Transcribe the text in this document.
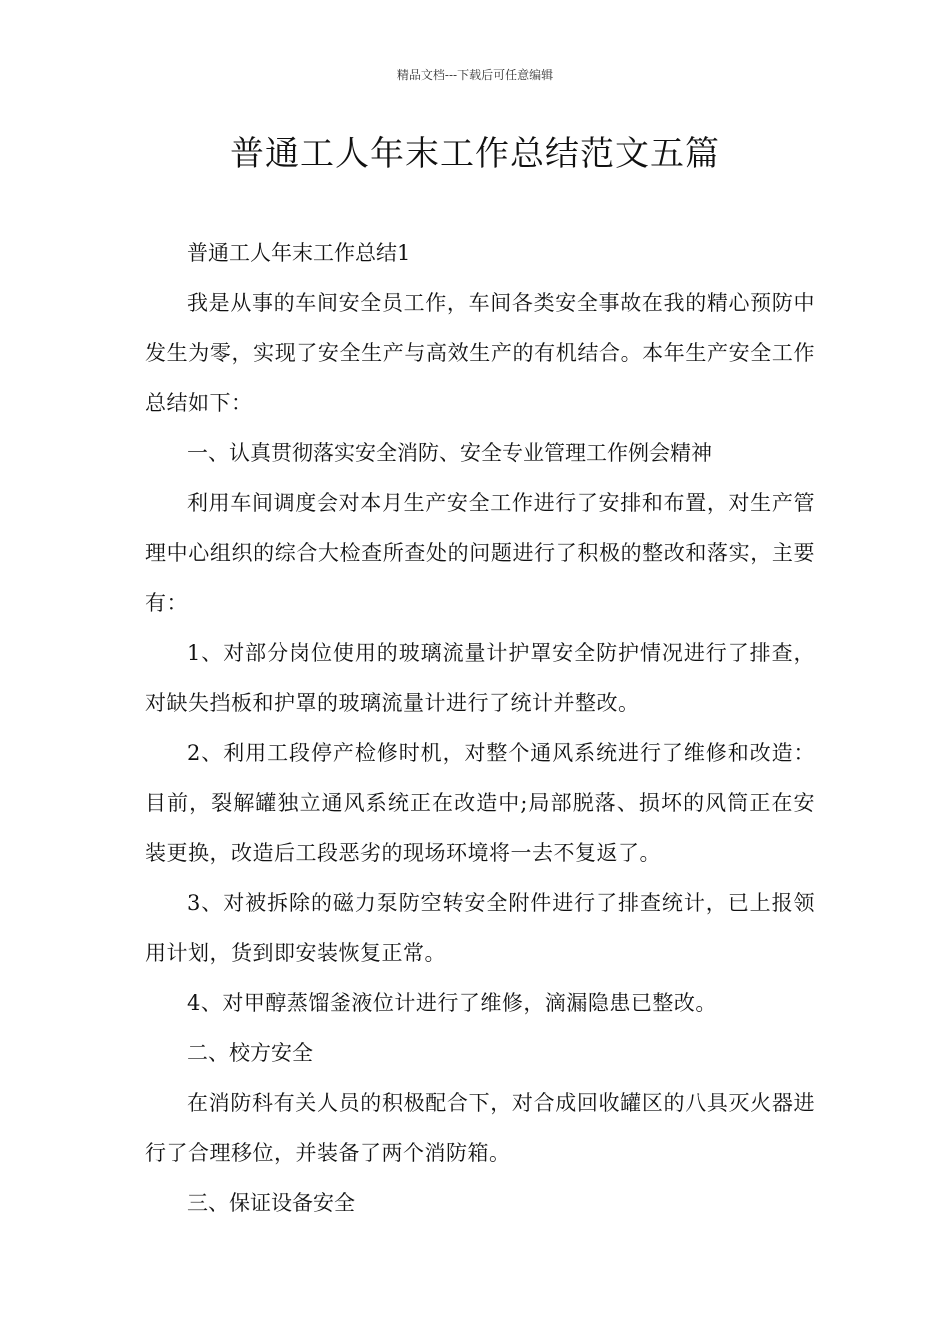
精品文档---下载后可任意编辑
普通工人年末工作总结范文五篇

普通工人年末工作总结1

我是从事的车间安全员工作，车间各类安全事故在我的精心预防中发生为零，实现了安全生产与高效生产的有机结合。本年生产安全工作总结如下：

一、认真贯彻落实安全消防、安全专业管理工作例会精神

利用车间调度会对本月生产安全工作进行了安排和布置，对生产管理中心组织的综合大检查所查处的问题进行了积极的整改和落实，主要有：

1、对部分岗位使用的玻璃流量计护罩安全防护情况进行了排查，对缺失挡板和护罩的玻璃流量计进行了统计并整改。

2、利用工段停产检修时机，对整个通风系统进行了维修和改造：目前，裂解罐独立通风系统正在改造中;局部脱落、损坏的风筒正在安装更换，改造后工段恶劣的现场环境将一去不复返了。

3、对被拆除的磁力泵防空转安全附件进行了排查统计，已上报领用计划，货到即安装恢复正常。

4、对甲醇蒸馏釜液位计进行了维修，滴漏隐患已整改。

二、校方安全

在消防科有关人员的积极配合下，对合成回收罐区的八具灭火器进行了合理移位，并装备了两个消防箱。

三、保证设备安全
